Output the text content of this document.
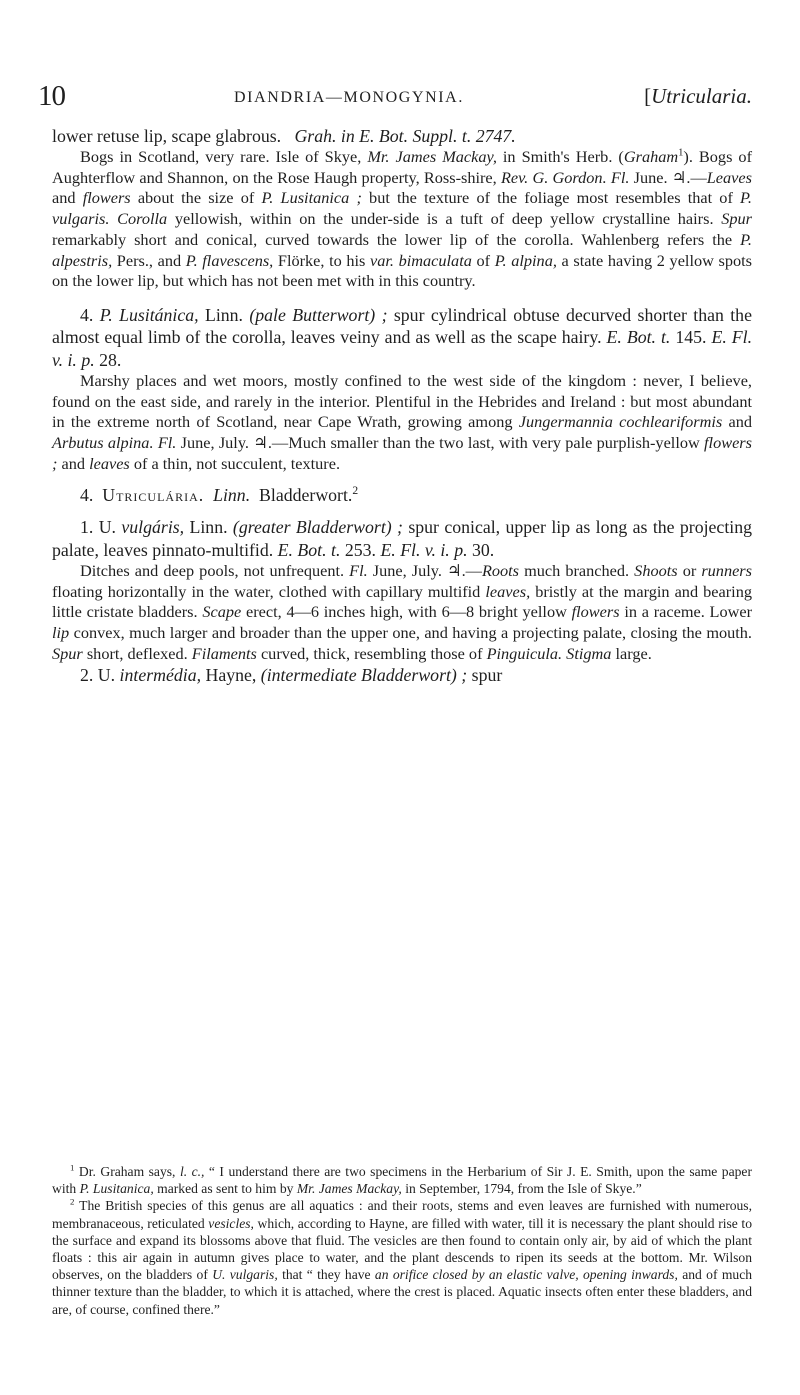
10	DIANDRIA—MONOGYNIA.	[Utricularia.

lower retuse lip, scape glabrous. Grah. in E. Bot. Suppl. t. 2747.

Bogs in Scotland, very rare. Isle of Skye, Mr. James Mackay, in Smith's Herb. (Graham$^1$). Bogs of Aughterflow and Shannon, on the Rose Haugh property, Ross-shire, Rev. G. Gordon. Fl. June. ♃.—Leaves and flowers about the size of P. Lusitanica ; but the texture of the foliage most resembles that of P. vulgaris. Corolla yellowish, within on the under-side is a tuft of deep yellow crystalline hairs. Spur remarkably short and conical, curved towards the lower lip of the corolla. Wahlenberg refers the P. alpestris, Pers., and P. flavescens, Flörke, to his var. bimaculata of P. alpina, a state having 2 yellow spots on the lower lip, but which has not been met with in this country.

4. P. Lusitánica, Linn. (pale Butterwort) ; spur cylindrical obtuse decurved shorter than the almost equal limb of the corolla, leaves veiny and as well as the scape hairy. E. Bot. t. 145. E. Fl. v. i. p. 28.

Marshy places and wet moors, mostly confined to the west side of the kingdom : never, I believe, found on the east side, and rarely in the interior. Plentiful in the Hebrides and Ireland : but most abundant in the extreme north of Scotland, near Cape Wrath, growing among Jungermannia cochleariformis and Arbutus alpina. Fl. June, July. ♃.—Much smaller than the two last, with very pale purplish-yellow flowers ; and leaves of a thin, not succulent, texture.

4. Utriculária. Linn. Bladderwort.$^2$

1. U. vulgáris, Linn. (greater Bladderwort) ; spur conical, upper lip as long as the projecting palate, leaves pinnato-multifid. E. Bot. t. 253. E. Fl. v. i. p. 30.

Ditches and deep pools, not unfrequent. Fl. June, July. ♃.—Roots much branched. Shoots or runners floating horizontally in the water, clothed with capillary multifid leaves, bristly at the margin and bearing little cristate bladders. Scape erect, 4—6 inches high, with 6—8 bright yellow flowers in a raceme. Lower lip convex, much larger and broader than the upper one, and having a projecting palate, closing the mouth. Spur short, deflexed. Filaments curved, thick, resembling those of Pinguicula. Stigma large.

2. U. intermédia, Hayne, (intermediate Bladderwort) ; spur

$^1$ Dr. Graham says, l. c., “ I understand there are two specimens in the Herbarium of Sir J. E. Smith, upon the same paper with P. Lusitanica, marked as sent to him by Mr. James Mackay, in September, 1794, from the Isle of Skye.”

$^2$ The British species of this genus are all aquatics : and their roots, stems and even leaves are furnished with numerous, membranaceous, reticulated vesicles, which, according to Hayne, are filled with water, till it is necessary the plant should rise to the surface and expand its blossoms above that fluid. The vesicles are then found to contain only air, by aid of which the plant floats : this air again in autumn gives place to water, and the plant descends to ripen its seeds at the bottom. Mr. Wilson observes, on the bladders of U. vulgaris, that “ they have an orifice closed by an elastic valve, opening inwards, and of much thinner texture than the bladder, to which it is attached, where the crest is placed. Aquatic insects often enter these bladders, and are, of course, confined there.”
